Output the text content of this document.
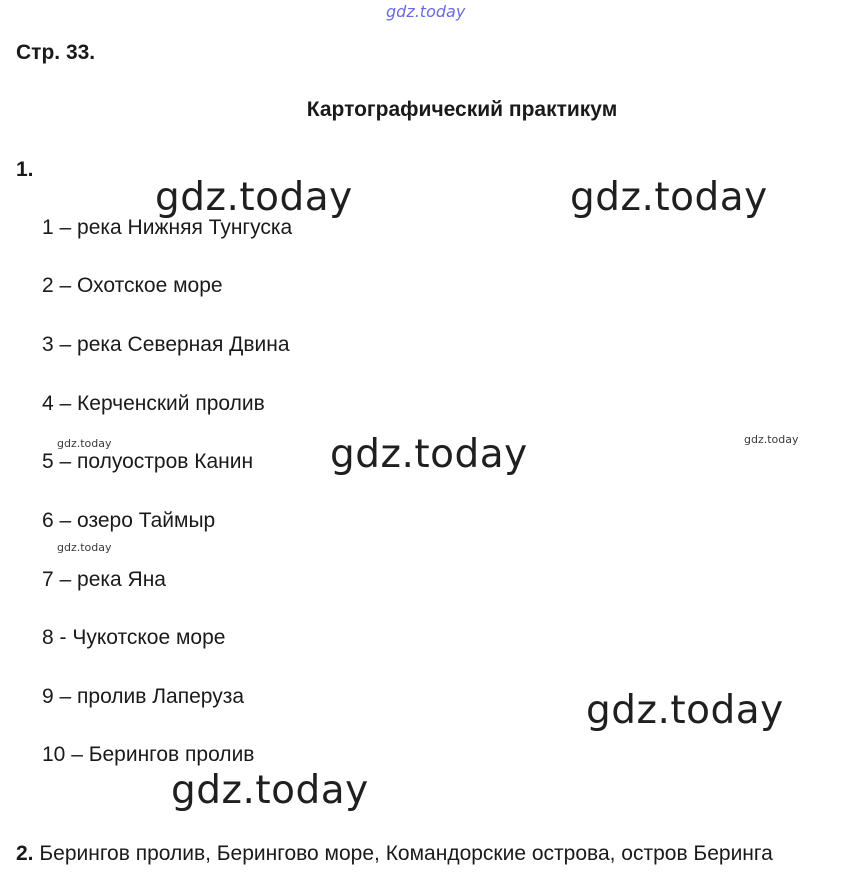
gdz.today
Стр. 33.
Картографический практикум
1.
1 – река Нижняя Тунгуска
2 – Охотское море
3 – река Северная Двина
4 – Керченский пролив
5 – полуостров Канин
6 – озеро Таймыр
7 – река Яна
8 - Чукотское море
9 – пролив Лаперуза
10 – Берингов пролив
2. Берингов пролив, Берингово море, Командорские острова, остров Беринга
gdz.today	gdz.today
gdz.today
gdz.today
gdz.today
gdz.today	gdz.today
gdz.today
